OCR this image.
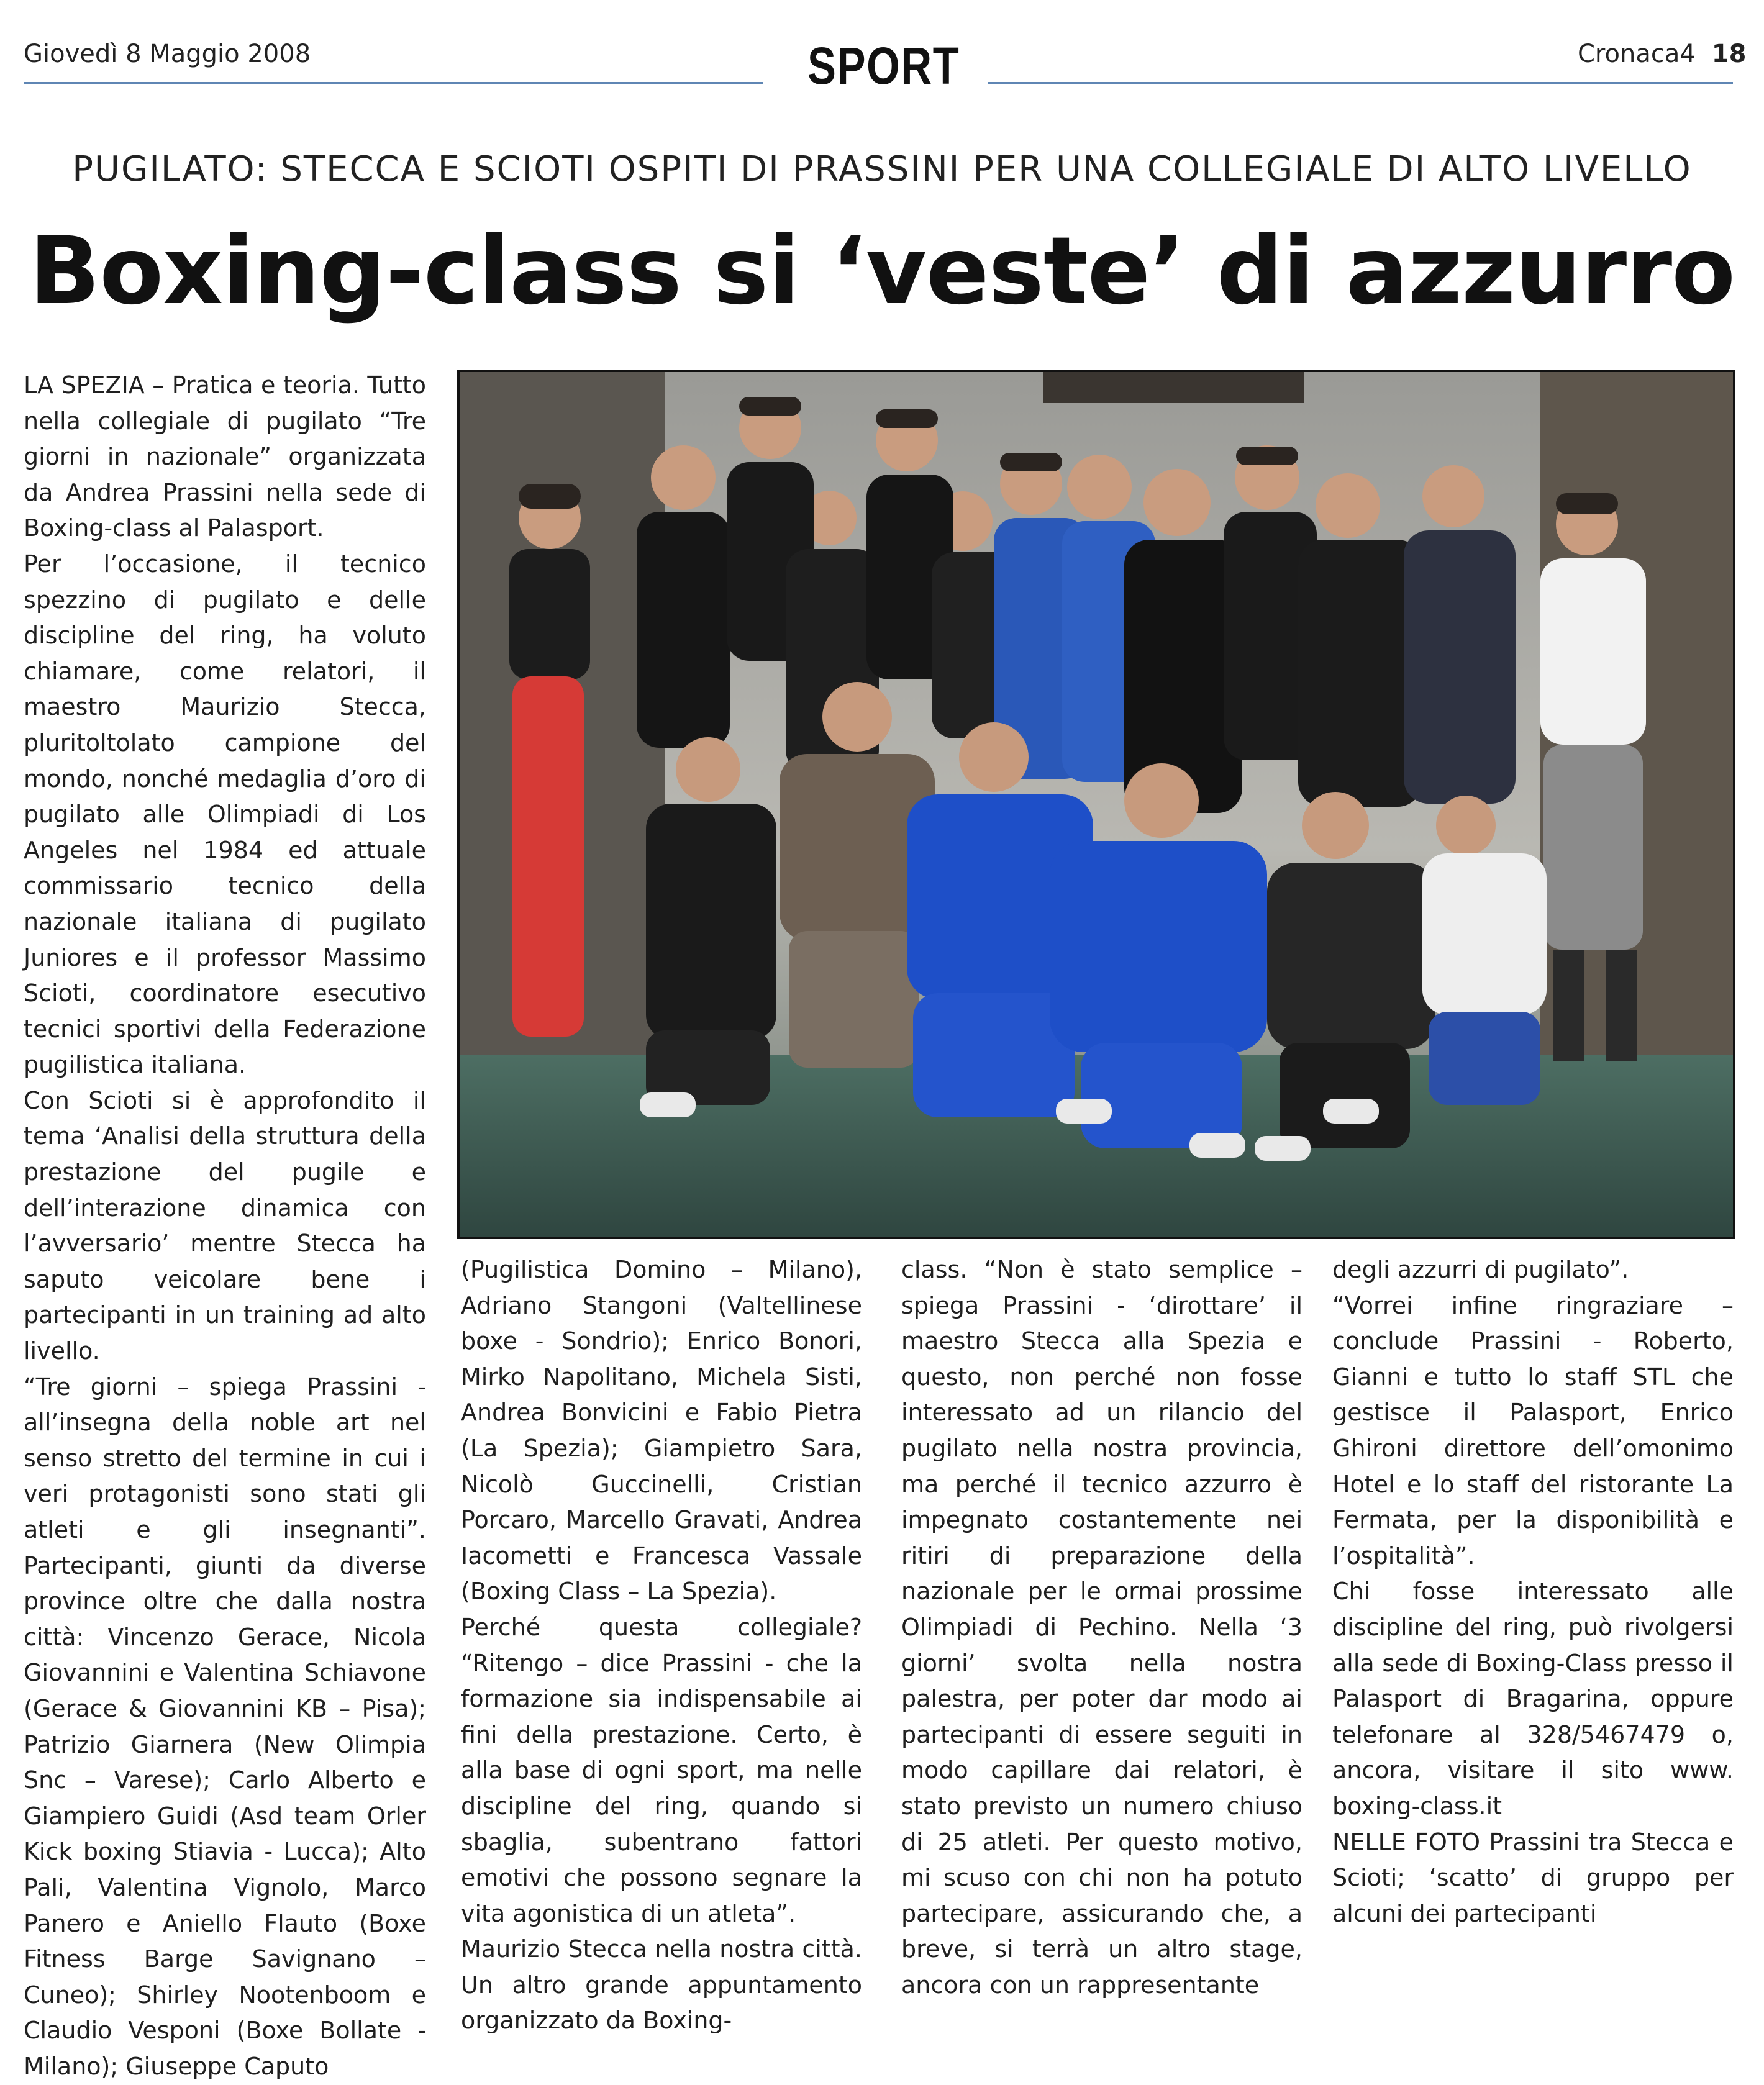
Giovedì 8 Maggio 2008	SPORT	Cronaca4 18
PUGILATO: STECCA E SCIOTI OSPITI DI PRASSINI PER UNA COLLEGIALE DI ALTO LIVELLO
Boxing-class si ‘veste’ di azzurro

LA SPEZIA – Pratica e teoria. Tutto nella collegiale di pugilato “Tre giorni in nazionale” organizzata da Andrea Prassini nella sede di Boxing-class al Palasport.

Per l’occasione, il tecnico spezzino di pugilato e delle discipline del ring, ha voluto chiamare, come relatori, il maestro Maurizio Stecca, pluritoltolato campione del mondo, nonché medaglia d’oro di pugilato alle Olimpiadi di Los Angeles nel 1984 ed attuale commissario tecnico della nazionale italiana di pugilato Juniores e il professor Massimo Scioti, coordinatore esecutivo tecnici sportivi della Federazione pugilistica italiana.

Con Scioti si è approfondito il tema ‘Analisi della struttura della prestazione del pugile e dell’interazione dinamica con l’avversario’ mentre Stecca ha saputo veicolare bene i partecipanti in un training ad alto livello.

“Tre giorni – spiega Prassini - all’insegna della noble art nel senso stretto del termine in cui i veri protagonisti sono stati gli atleti e gli insegnanti”. Partecipanti, giunti da diverse province oltre che dalla nostra città: Vincenzo Gerace, Nicola Giovannini e Valentina Schiavone (Gerace & Giovannini KB – Pisa); Patrizio Giarnera (New Olimpia Snc – Varese); Carlo Alberto e Giampiero Guidi (Asd team Orler Kick boxing Stiavia - Lucca); Alto Pali, Valentina Vignolo, Marco Panero e Aniello Flauto (Boxe Fitness Barge Savignano – Cuneo); Shirley Nootenboom e Claudio Vesponi (Boxe Bollate - Milano); Giuseppe Caputo

(Pugilistica Domino – Milano), Adriano Stangoni (Valtellinese boxe - Sondrio); Enrico Bonori, Mirko Napolitano, Michela Sisti, Andrea Bonvicini e Fabio Pietra (La Spezia); Giampietro Sara, Nicolò Guccinelli, Cristian Porcaro, Marcello Gravati, Andrea Iacometti e Francesca Vassale (Boxing Class – La Spezia).

Perché questa collegiale? “Ritengo – dice Prassini - che la formazione sia indispensabile ai fini della prestazione. Certo, è alla base di ogni sport, ma nelle discipline del ring, quando si sbaglia, subentrano fattori emotivi che possono segnare la vita agonistica di un atleta”.

Maurizio Stecca nella nostra città. Un altro grande appuntamento organizzato da Boxing-

class. “Non è stato semplice – spiega Prassini - ‘dirottare’ il maestro Stecca alla Spezia e questo, non perché non fosse interessato ad un rilancio del pugilato nella nostra provincia, ma perché il tecnico azzurro è impegnato costantemente nei ritiri di preparazione della nazionale per le ormai prossime Olimpiadi di Pechino. Nella ‘3 giorni’ svolta nella nostra palestra, per poter dar modo ai partecipanti di essere seguiti in modo capillare dai relatori, è stato previsto un numero chiuso di 25 atleti. Per questo motivo, mi scuso con chi non ha potuto partecipare, assicurando che, a breve, si terrà un altro stage, ancora con un rappresentante

degli azzurri di pugilato”.

“Vorrei infine ringraziare – conclude Prassini - Roberto, Gianni e tutto lo staff STL che gestisce il Palasport, Enrico Ghironi direttore dell’omonimo Hotel e lo staff del ristorante La Fermata, per la disponibilità e l’ospitalità”.

Chi fosse interessato alle discipline del ring, può rivolgersi alla sede di Boxing-Class presso il Palasport di Bragarina, oppure telefonare al 328/5467479 o, ancora, visitare il sito www. boxing-class.it

NELLE FOTO Prassini tra Stecca e Scioti; ‘scatto’ di gruppo per alcuni dei partecipanti
